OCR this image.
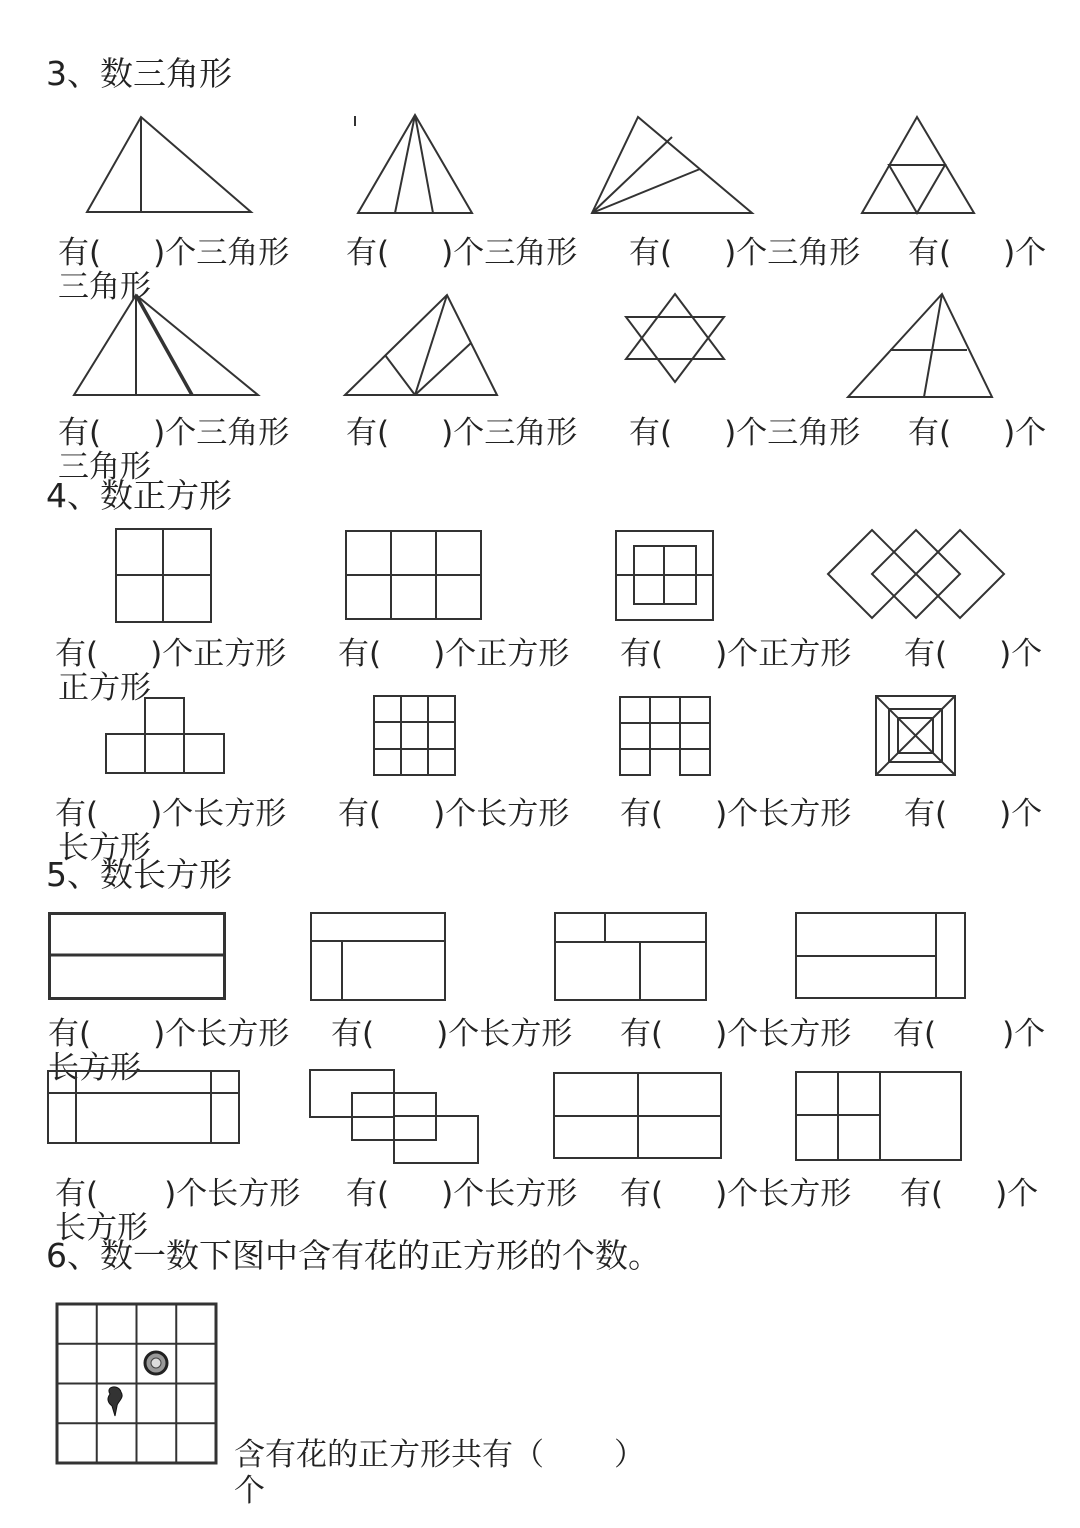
3、数三角形
有( )个三角形 有( )个三角形 有( )个三角形 有( )个
三角形
有( )个三角形 有( )个三角形 有( )个三角形 有( )个
三角形
4、数正方形
有( )个正方形 有( )个正方形 有( )个正方形 有( )个
正方形
有( )个长方形 有( )个长方形 有( )个长方形 有( )个
长方形
5、数长方形
有( )个长方形 有( )个长方形 有( )个长方形 有( )个
长方形
有( )个长方形 有( )个长方形 有( )个长方形 有( )个
长方形
6、数一数下图中含有花的正方形的个数。
含有花的正方形共有（ ）
个
